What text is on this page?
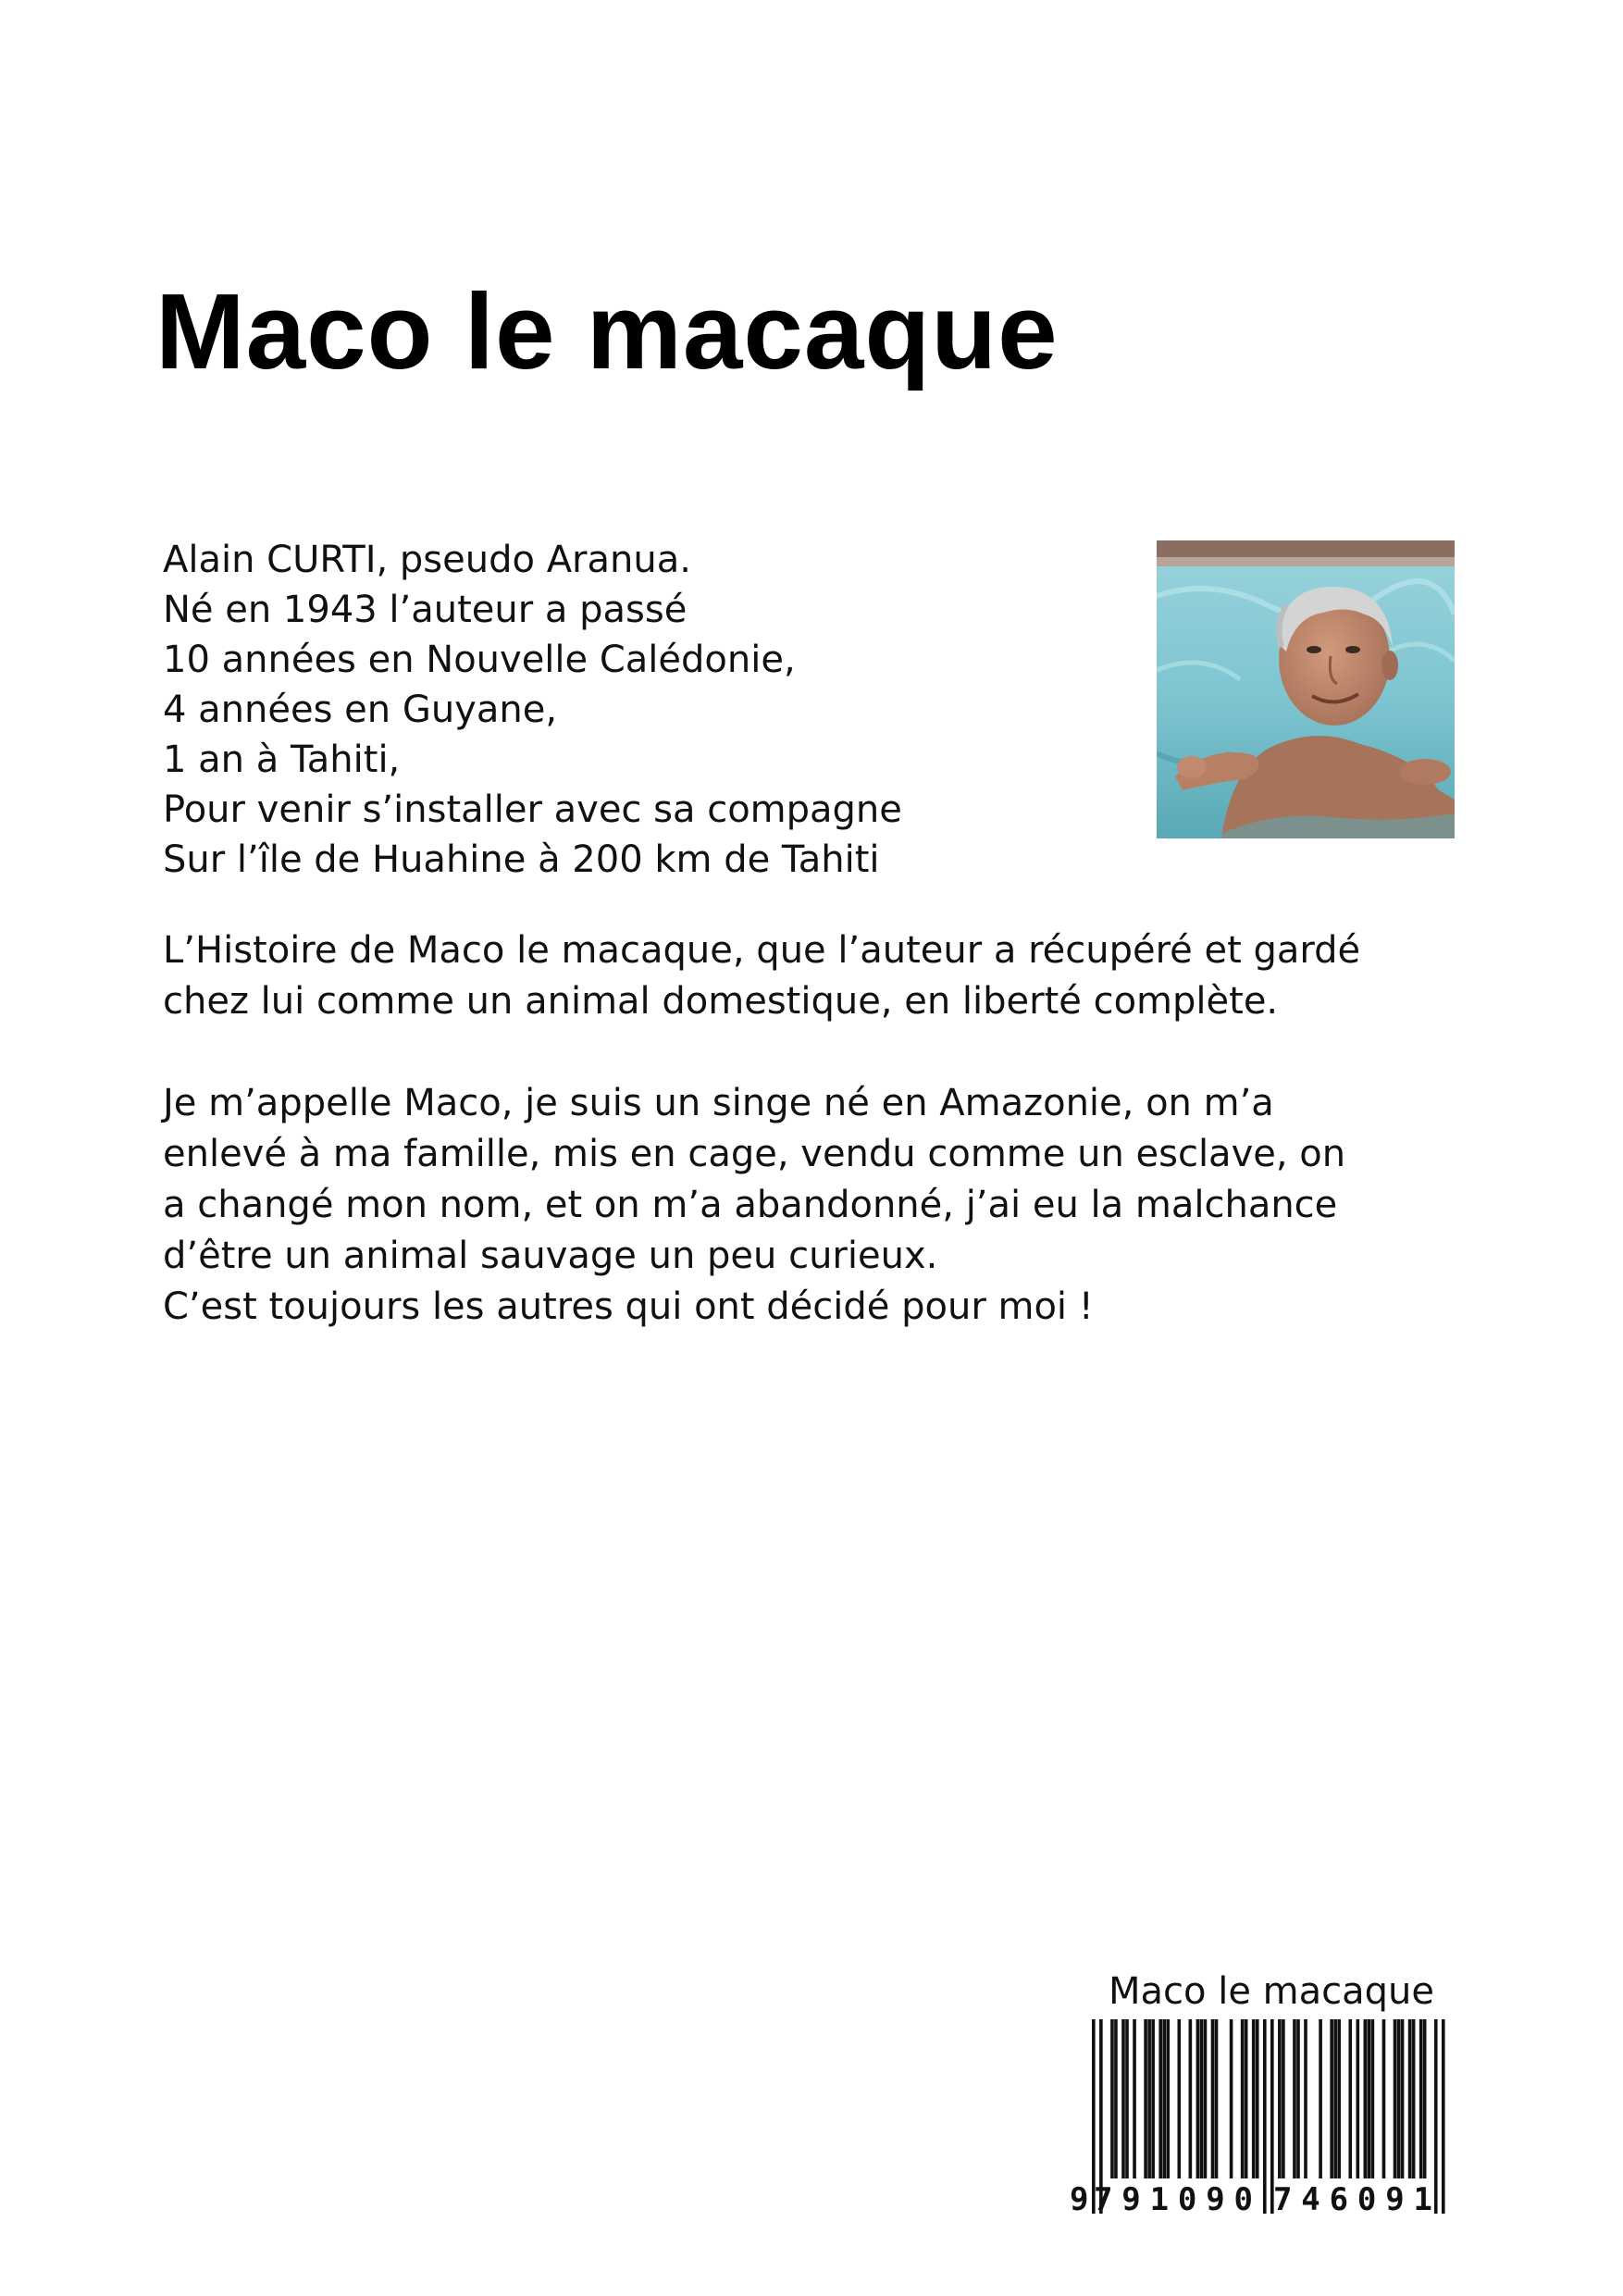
Maco le macaque
Alain CURTI, pseudo Aranua.
Né en 1943 l’auteur a passé
10 années en Nouvelle Calédonie,
4 années en Guyane,
1 an à Tahiti,
Pour venir s’installer avec sa compagne
Sur l’île de Huahine à 200 km de Tahiti
L’Histoire de Maco le macaque, que l’auteur a récupéré et gardé
chez lui comme un animal domestique, en liberté complète.
Je m’appelle Maco, je suis un singe né en Amazonie, on m’a
enlevé à ma famille, mis en cage, vendu comme un esclave, on
a changé mon nom, et on m’a abandonné, j’ai eu la malchance
d’être un animal sauvage un peu curieux.
C’est toujours les autres qui ont décidé pour moi !
Maco le macaque
9 791090 746091
